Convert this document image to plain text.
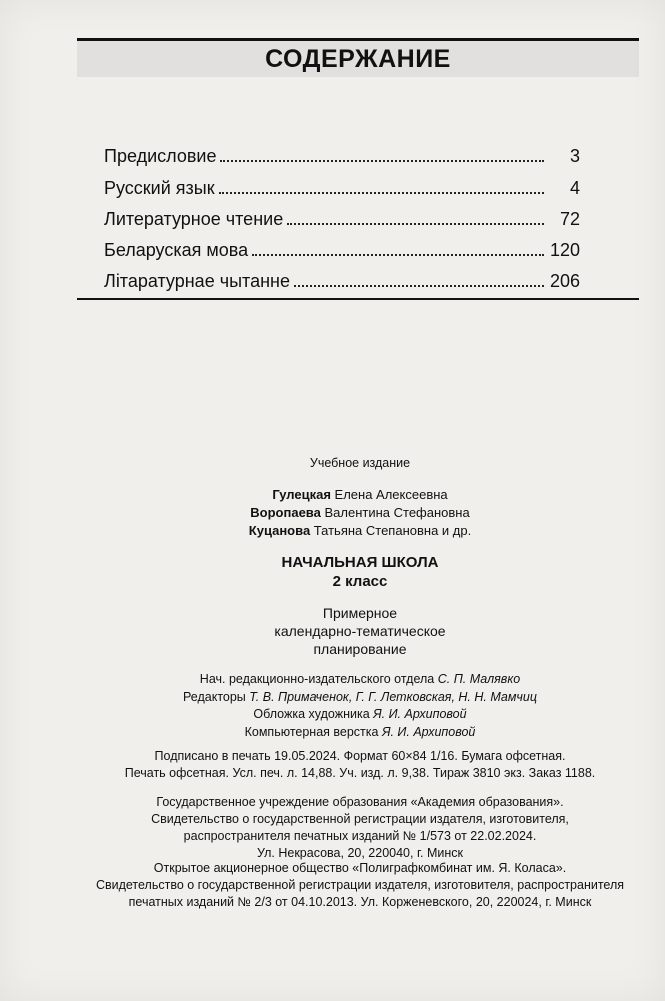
СОДЕРЖАНИЕ
Предисловие	3
Русский язык	4
Литературное чтение	72
Беларуская мова	120
Літаратурнае чытанне	206
Учебное издание
Гулецкая Елена Алексеевна
Воропаева Валентина Стефановна
Куцанова Татьяна Степановна и др.
НАЧАЛЬНАЯ ШКОЛА
2 класс
Примерное
календарно-тематическое
планирование
Нач. редакционно-издательского отдела С. П. Малявко
Редакторы Т. В. Примаченок, Г. Г. Летковская, Н. Н. Мамчиц
Обложка художника Я. И. Архиповой
Компьютерная верстка Я. И. Архиповой
Подписано в печать 19.05.2024. Формат 60×84 1/16. Бумага офсетная.
Печать офсетная. Усл. печ. л. 14,88. Уч. изд. л. 9,38. Тираж 3810 экз. Заказ 1188.
Государственное учреждение образования «Академия образования».
Свидетельство о государственной регистрации издателя, изготовителя,
распространителя печатных изданий № 1/573 от 22.02.2024.
Ул. Некрасова, 20, 220040, г. Минск
Открытое акционерное общество «Полиграфкомбинат им. Я. Коласа».
Свидетельство о государственной регистрации издателя, изготовителя, распространителя
печатных изданий № 2/3 от 04.10.2013. Ул. Корженевского, 20, 220024, г. Минск
